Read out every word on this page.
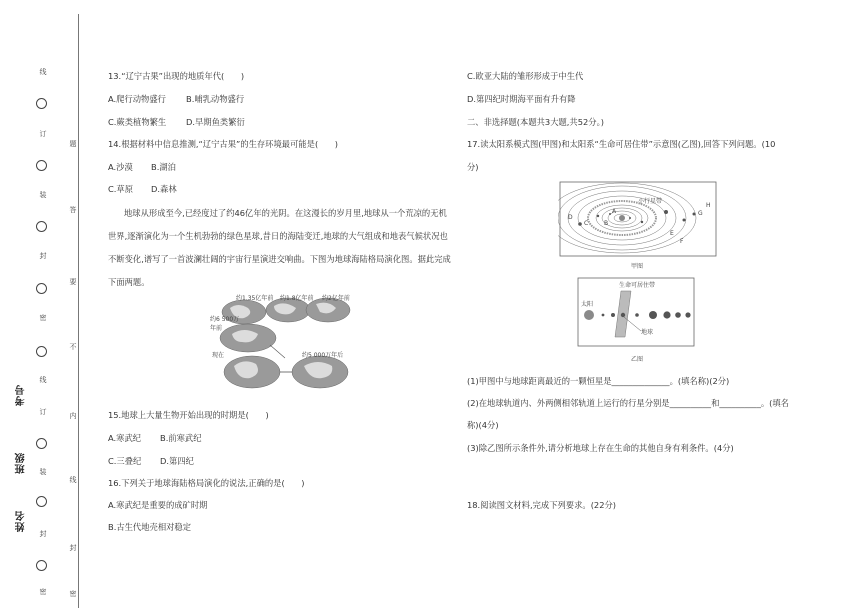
线
订
装
封
密
线
订
装
封
密
题
答
要
不
内
线
封
密
考号
班级
姓名
13.“辽宁古果”出现的地质年代(　　)
A.爬行动物盛行 B.哺乳动物盛行
C.蕨类植物繁生 D.早期鱼类繁衍
14.根据材料中信息推测,“辽宁古果”的生存环境最可能是(　　)
A.沙漠 B.湖泊
C.草原 D.森林
地球从形成至今,已经度过了约46亿年的光阴。在这漫长的岁月里,地球从一个荒凉的无机世界,逐渐演化为一个生机勃勃的绿色星球,昔日的海陆变迁,地球的大气组成和地表气候状况也不断变化,谱写了一首波澜壮阔的宇宙行星演进交响曲。下图为地球海陆格局演化图。据此完成下面两题。
约1.35亿年前 约1.8亿年前 约2亿年前
约6 500万年前
现在	约5 000万年后
15.地球上大量生物开始出现的时期是(　　)
A.寒武纪 B.前寒武纪
C.三叠纪 D.第四纪
16.下列关于地球海陆格局演化的说法,正确的是(　　)
A.寒武纪是重要的成矿时期
B.古生代地壳相对稳定
C.欧亚大陆的雏形形成于中生代
D.第四纪时期海平面有升有降
二、非选择题(本题共3大题,共52分。)
17.读太阳系模式图(甲图)和太阳系“生命可居住带”示意图(乙图),回答下列问题。(10
分)
小行星带
D
C	B
A
E
F
G
H
甲图
生命可居住带
太阳
地球
乙图
(1)甲图中与地球距离最近的一颗恒星是______________。(填名称)(2分)
(2)在地球轨道内、外两侧相邻轨道上运行的行星分别是__________和__________。(填名
称)(4分)
(3)除乙图所示条件外,请分析地球上存在生命的其他自身有利条件。(4分)
18.阅读图文材料,完成下列要求。(22分)
